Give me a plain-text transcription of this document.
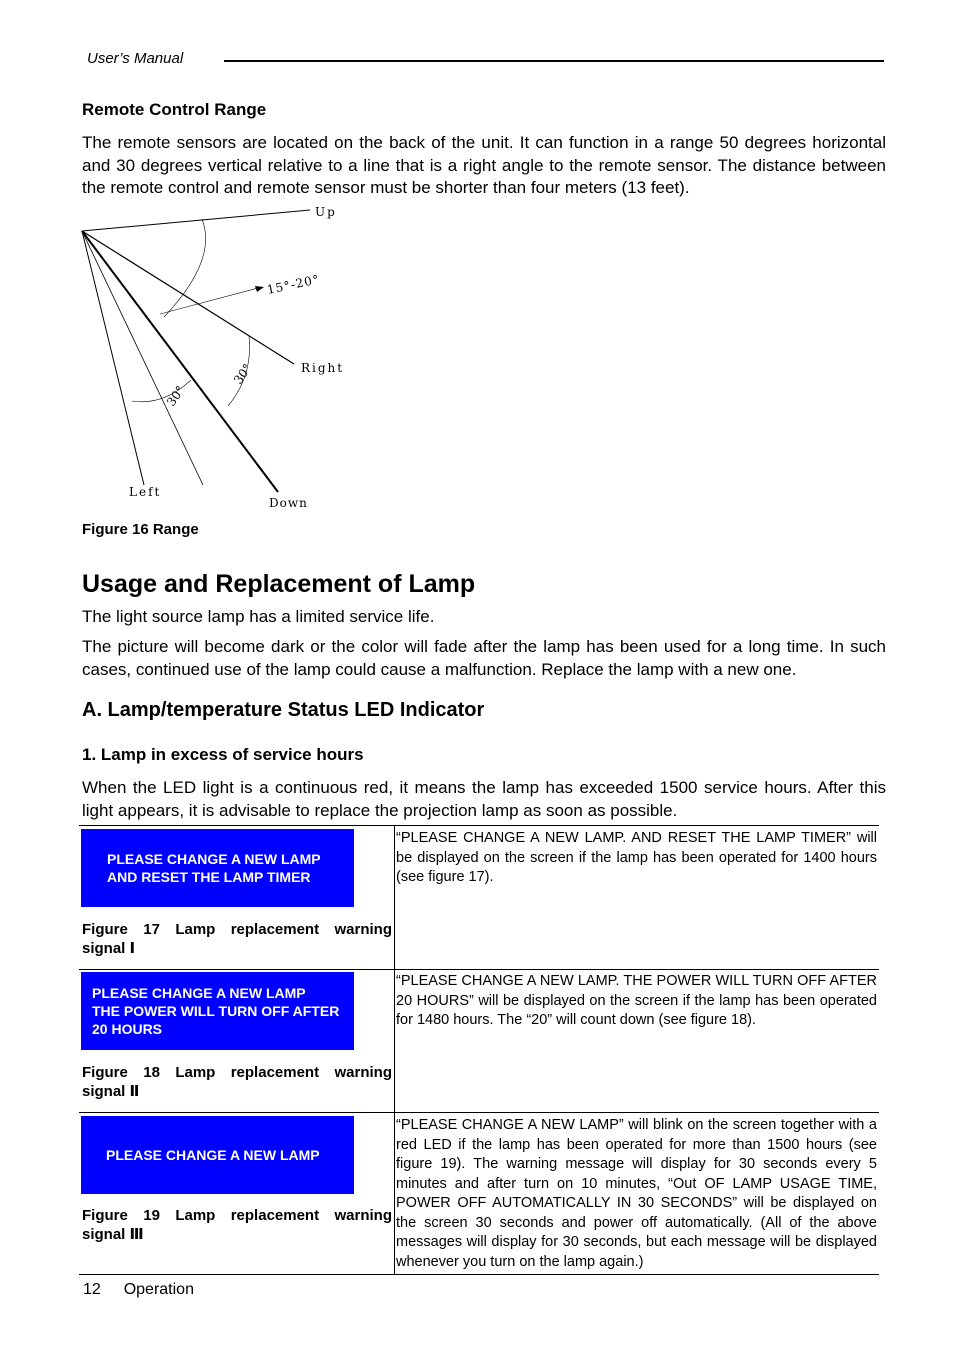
User’s Manual
Remote Control Range
The remote sensors are located on the back of the unit. It can function in a range 50 degrees horizontal and 30 degrees vertical relative to a line that is a right angle to the remote sensor. The distance between the remote control and remote sensor must be shorter than four meters (13 feet).
Up
Right
Left
Down
15°-20°
30°
30°
Figure 16 Range
Usage and Replacement of Lamp
The light source lamp has a limited service life.
The picture will become dark or the color will fade after the lamp has been used for a long time. In such cases, continued use of the lamp could cause a malfunction. Replace the lamp with a new one.
A. Lamp/temperature Status LED Indicator
1. Lamp in excess of service hours
When the LED light is a continuous red, it means the lamp has exceeded 1500 service hours. After this light appears, it is advisable to replace the projection lamp as soon as possible.
PLEASE CHANGE A NEW LAMP
AND RESET THE LAMP TIMER
Figure 17 Lamp replacement warning
signal Ⅰ
“PLEASE CHANGE A NEW LAMP. AND RESET THE LAMP TIMER” will be displayed on the screen if the lamp has been operated for 1400 hours (see figure 17).
PLEASE CHANGE A NEW LAMP
THE POWER WILL TURN OFF AFTER
20 HOURS
Figure 18 Lamp replacement warning
signal Ⅱ
“PLEASE CHANGE A NEW LAMP. THE POWER WILL TURN OFF AFTER 20 HOURS” will be displayed on the screen if the lamp has been operated for 1480 hours. The “20” will count down (see figure 18).
PLEASE CHANGE A NEW LAMP
Figure 19 Lamp replacement warning
signal Ⅲ
“PLEASE CHANGE A NEW LAMP” will blink on the screen together with a red LED if the lamp has been operated for more than 1500 hours (see figure 19). The warning message will display for 30 seconds every 5 minutes and after turn on 10 minutes, “Out OF LAMP USAGE TIME, POWER OFF AUTOMATICALLY IN 30 SECONDS” will be displayed on the screen 30 seconds and power off automatically. (All of the above messages will display for 30 seconds, but each message will be displayed whenever you turn on the lamp again.)
12 Operation
